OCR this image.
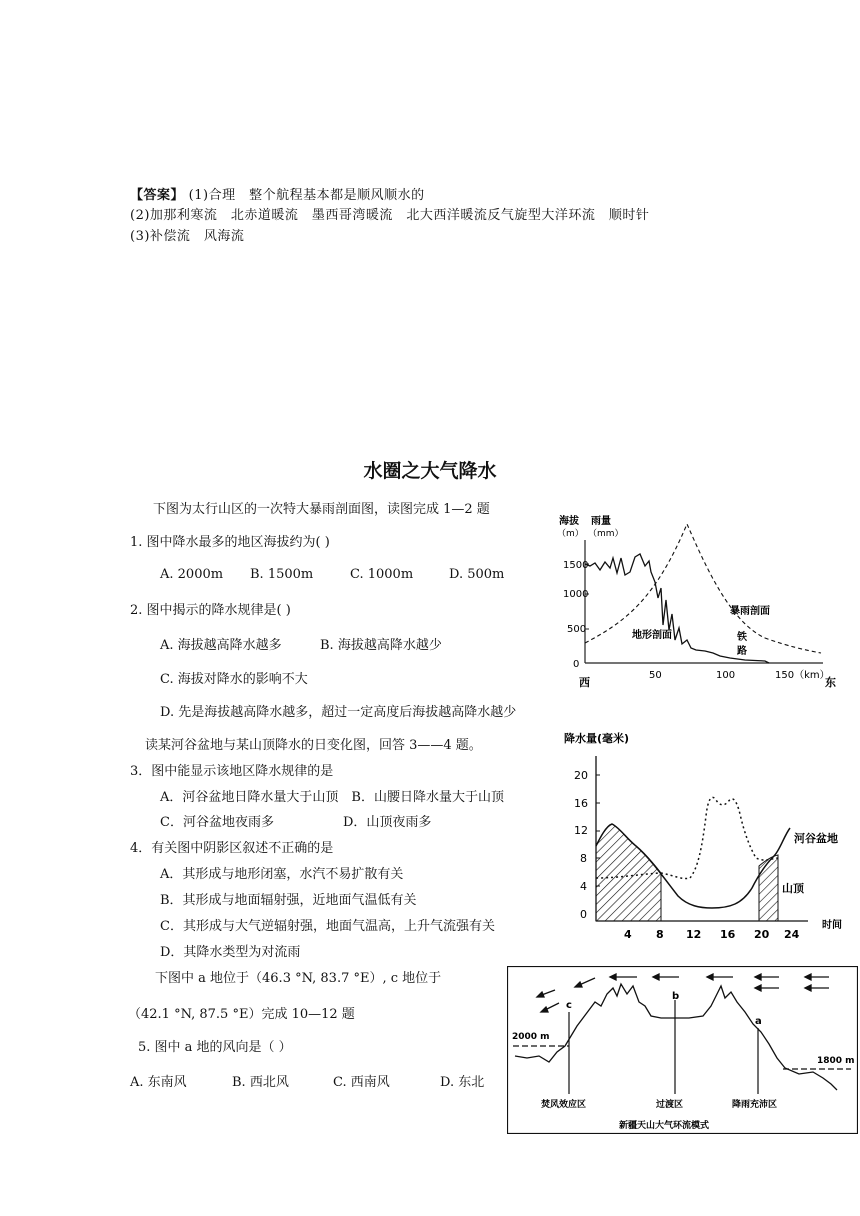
【答案】 (1)合理　整个航程基本都是顺风顺水的
(2)加那利寒流　北赤道暖流　墨西哥湾暖流　北大西洋暖流反气旋型大洋环流　顺时针
(3)补偿流　风海流
水圈之大气降水
下图为太行山区的一次特大暴雨剖面图，读图完成 1—2 题
1. 图中降水最多的地区海拔约为( )
A. 2000m B. 1500m	C. 1000m	D. 500m
2. 图中揭示的降水规律是( )
A. 海拔越高降水越多	B. 海拔越高降水越少
C. 海拔对降水的影响不大
D. 先是海拔越高降水越多，超过一定高度后海拔越高降水越少
读某河谷盆地与某山顶降水的日变化图，回答 3——4 题。
3．图中能显示该地区降水规律的是
A．河谷盆地日降水量大于山顶　B．山腰日降水量大于山顶
C．河谷盆地夜雨多	D．山顶夜雨多
4．有关图中阴影区叙述不正确的是
A．其形成与地形闭塞，水汽不易扩散有关
B．其形成与地面辐射强，近地面气温低有关
C．其形成与大气逆辐射强，地面气温高，上升气流强有关
D．其降水类型为对流雨
下图中 a 地位于（46.3 °N, 83.7 °E）, c 地位于
（42.1 °N, 87.5 °E）完成 10—12 题
5. 图中 a 地的风向是（ ）
A. 东南风	B. 西北风	C. 西南风	D. 东北
海拔 雨量
（m） （mm）
1500
1000
500
0
50	100	150（km）
西	东
暴雨剖面
地形剖面	铁
路
降水量(毫米)
20
16
12
8
4
0
4 8 12 16 20 24
时间
河谷盆地
山顶
2000 m
1800 m
c
b
a
焚风效应区	过渡区	降雨充沛区
新疆天山大气环流模式
